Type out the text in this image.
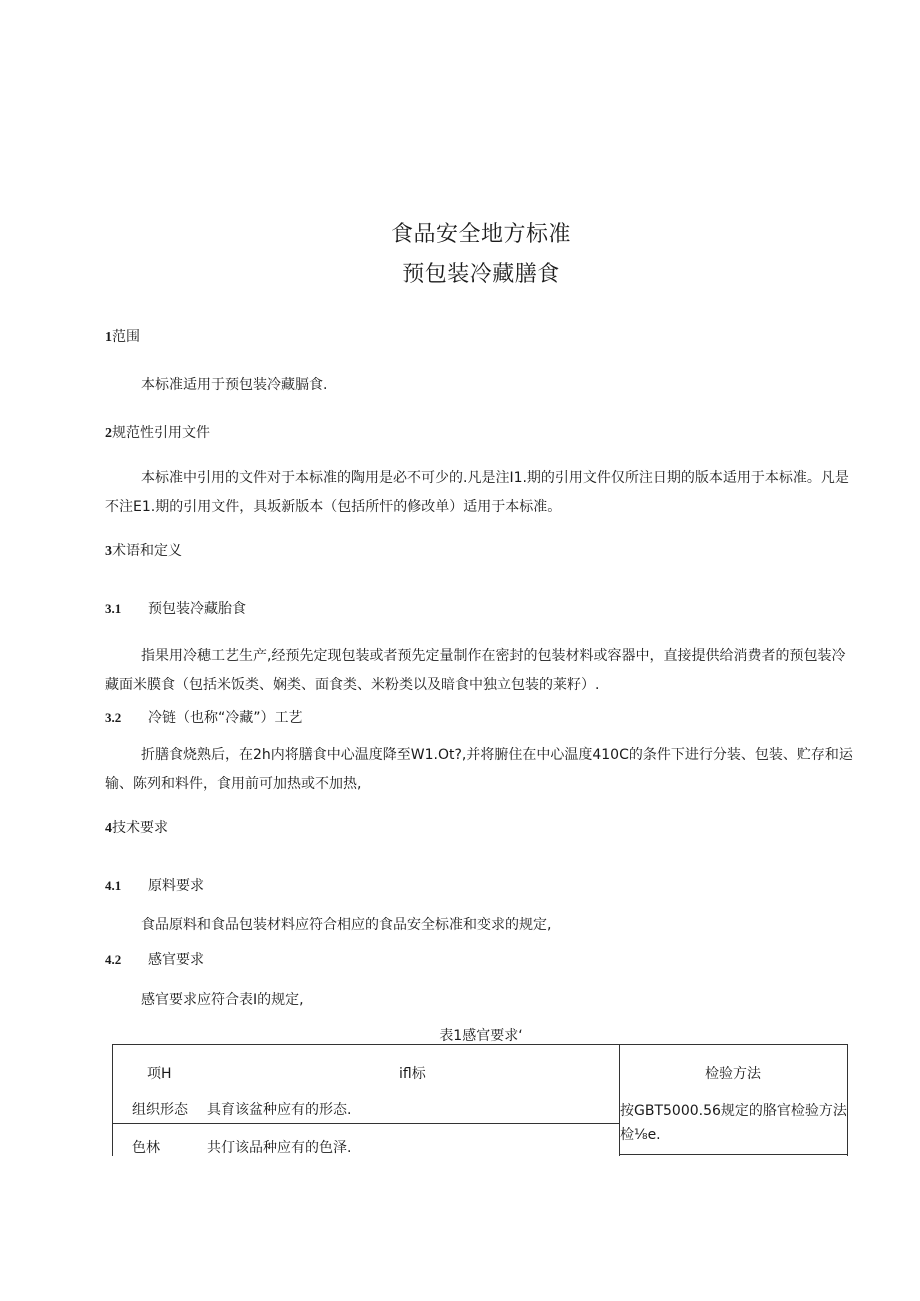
食品安全地方标准
预包装冷藏膳食
1范围
本标准适用于预包装冷藏膈食.
2规范性引用文件
本标准中引用的文件对于本标准的陶用是必不可少的.凡是注I1.期的引用文件仅所注日期的版本适用于本标准。凡是不注E1.期的引用文件，具坂新版本（包括所忓的修改单）适用于本标准。
3术语和定义
3.1 预包装冷藏胎食
指果用冷穂工艺生产,经预先定现包装或者预先定量制作在密封的包装材料或容器中，直接提供给消费者的预包装冷藏面米膜食（包括米饭类、娴类、面食类、米粉类以及暗食中独立包装的莱籽）.
3.2 冷链（也称“冷藏”）工艺
折膳食烧熟后，在2h内将膳食中心温度降至W1.Ot?,并将腑住在中心温度410C的条件下进行分装、包装、贮存和运输、陈列和料件，食用前可加热或不加热,
4技术要求
4.1 原料要求
食品原料和食品包装材料应符合相应的食品安全标准和变求的规定,
4.2 感官要求
感官要求应符合表I的规定,
表1感官要求‘
项H	ifl标	检验方法
组织形态 具育该盆种应有的形态.
色林	共仃该品种应有的色泽.
按GBT5000.56规定的胳官检验方法
检⅛e.
